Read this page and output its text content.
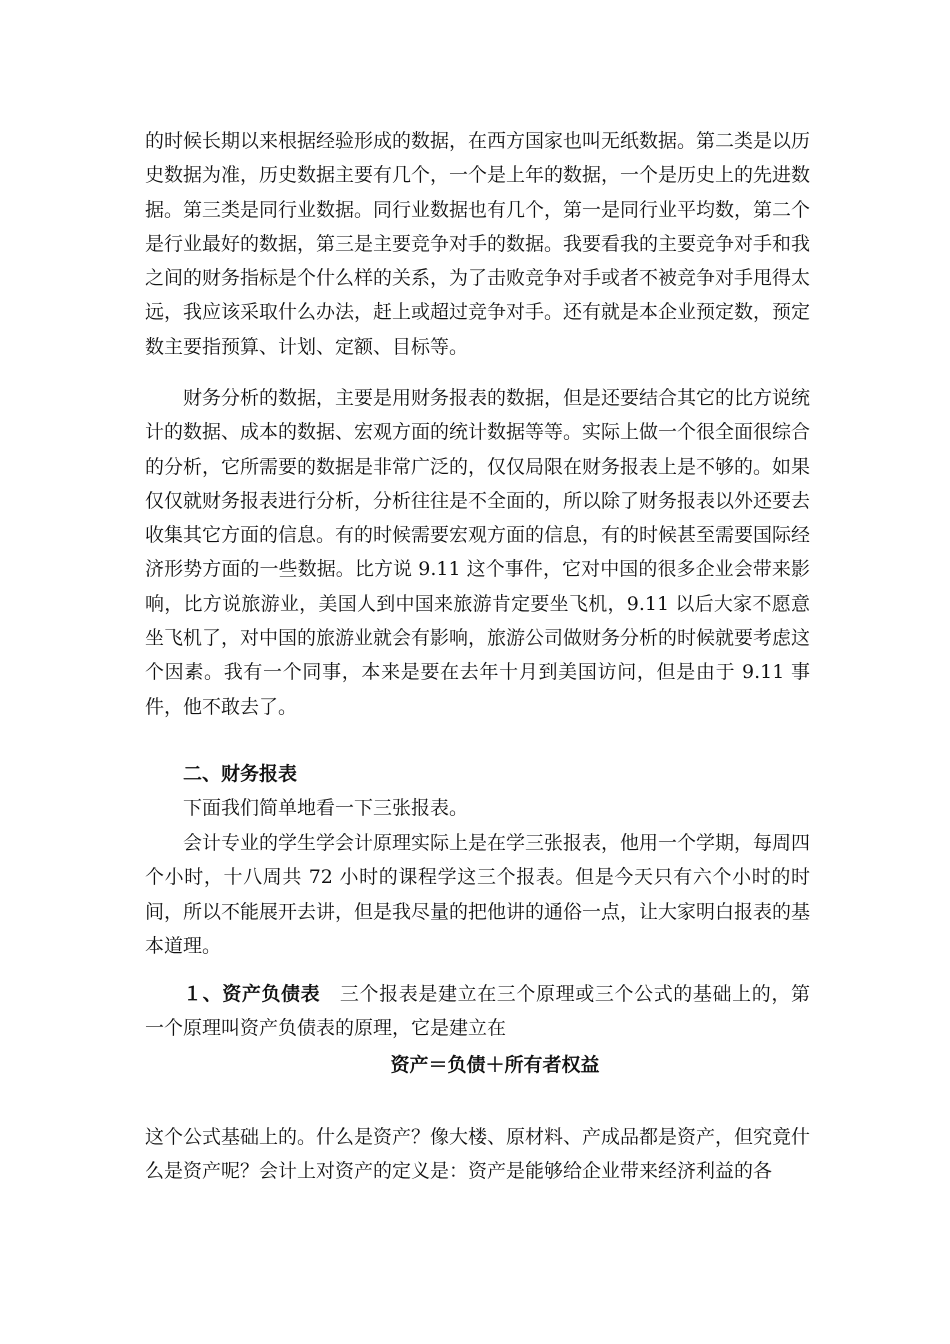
的时候长期以来根据经验形成的数据，在西方国家也叫无纸数据。第二类是以历史数据为准，历史数据主要有几个，一个是上年的数据，一个是历史上的先进数据。第三类是同行业数据。同行业数据也有几个，第一是同行业平均数，第二个是行业最好的数据，第三是主要竞争对手的数据。我要看我的主要竞争对手和我之间的财务指标是个什么样的关系，为了击败竞争对手或者不被竞争对手甩得太远，我应该采取什么办法，赶上或超过竞争对手。还有就是本企业预定数，预定数主要指预算、计划、定额、目标等。

财务分析的数据，主要是用财务报表的数据，但是还要结合其它的比方说统计的数据、成本的数据、宏观方面的统计数据等等。实际上做一个很全面很综合的分析，它所需要的数据是非常广泛的，仅仅局限在财务报表上是不够的。如果仅仅就财务报表进行分析，分析往往是不全面的，所以除了财务报表以外还要去收集其它方面的信息。有的时候需要宏观方面的信息，有的时候甚至需要国际经济形势方面的一些数据。比方说 9.11 这个事件，它对中国的很多企业会带来影响，比方说旅游业，美国人到中国来旅游肯定要坐飞机，9.11 以后大家不愿意坐飞机了，对中国的旅游业就会有影响，旅游公司做财务分析的时候就要考虑这个因素。我有一个同事，本来是要在去年十月到美国访问，但是由于 9.11 事件，他不敢去了。

二、财务报表

下面我们简单地看一下三张报表。

会计专业的学生学会计原理实际上是在学三张报表，他用一个学期，每周四个小时，十八周共 72 小时的课程学这三个报表。但是今天只有六个小时的时间，所以不能展开去讲，但是我尽量的把他讲的通俗一点，让大家明白报表的基本道理。

１、资产负债表　三个报表是建立在三个原理或三个公式的基础上的，第一个原理叫资产负债表的原理，它是建立在

资产＝负债＋所有者权益

这个公式基础上的。什么是资产？像大楼、原材料、产成品都是资产，但究竟什么是资产呢？会计上对资产的定义是：资产是能够给企业带来经济利益的各
